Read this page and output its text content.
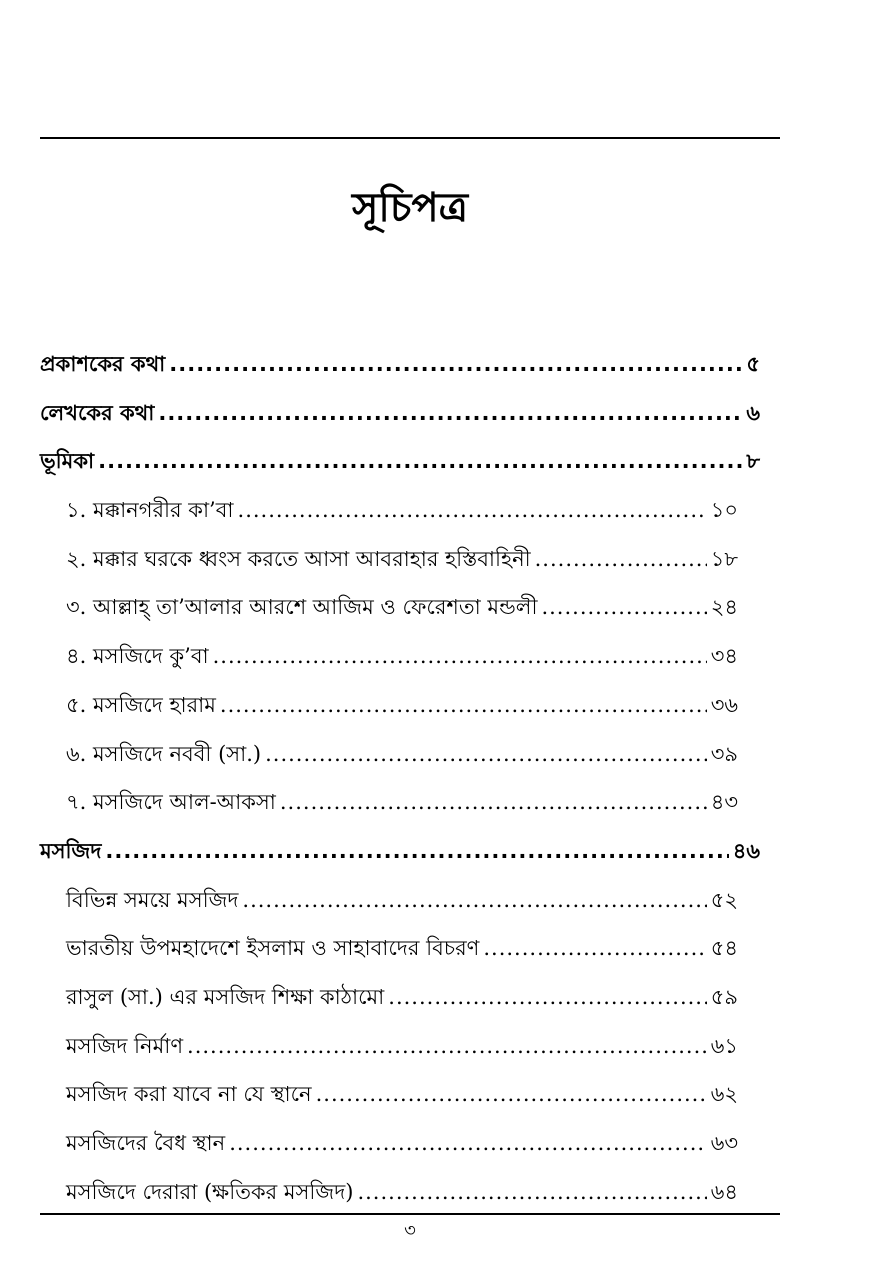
সূচিপত্র
প্রকাশকের কথা .....	৫
লেখকের কথা .....	৬
ভূমিকা .....	৮
১. মক্কানগরীর কা’বা .....	১০
২. মক্কার ঘরকে ধ্বংস করতে আসা আবরাহার হস্তিবাহিনী .....	১৮
৩. আল্লাহ্ তা’আলার আরশে আজিম ও ফেরেশতা মন্ডলী .....	২৪
৪. মসজিদে কু’বা .....	৩৪
৫. মসজিদে হারাম .....	৩৬
৬. মসজিদে নববী (সা.) .....	৩৯
৭. মসজিদে আল-আকসা .....	৪৩
মসজিদ .....	৪৬
বিভিন্ন সময়ে মসজিদ .....	৫২
ভারতীয় উপমহাদেশে ইসলাম ও সাহাবাদের বিচরণ .....	৫৪
রাসুল (সা.) এর মসজিদ শিক্ষা কাঠামো .....	৫৯
মসজিদ নির্মাণ .....	৬১
মসজিদ করা যাবে না যে স্থানে .....	৬২
মসজিদের বৈধ স্থান .....	৬৩
মসজিদে দেরারা (ক্ষতিকর মসজিদ) .....	৬৪
৩
